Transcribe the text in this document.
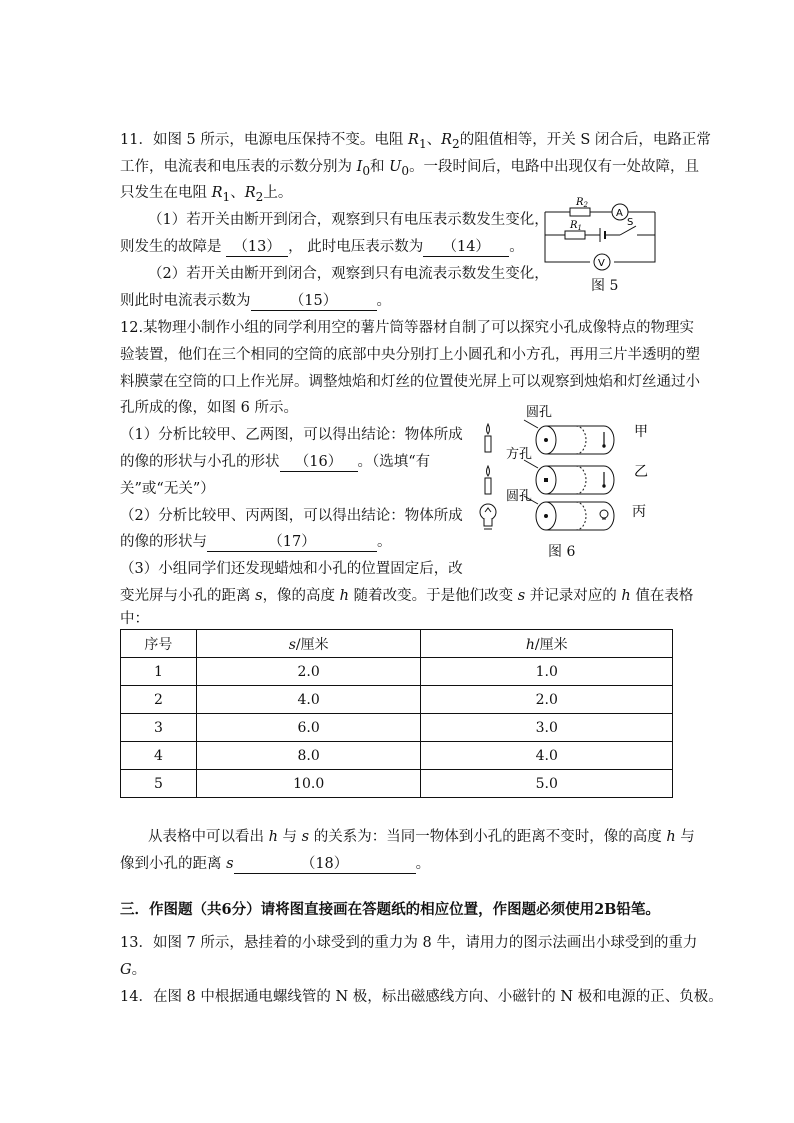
11．如图 5 所示，电源电压保持不变。电阻 $R_1$、$R_2$的阻值相等，开关 S 闭合后，电路正常
工作，电流表和电压表的示数分别为 $I_0$和 $U_0$。一段时间后，电路中出现仅有一处故障，且
只发生在电阻 $R_1$、$R_2$上。
（1）若开关由断开到闭合，观察到只有电压表示数发生变化，
则发生的故障是 （13） ， 此时电压表示数为 （14） 。
（2）若开关由断开到闭合，观察到只有电流表示数发生变化，
则此时电流表示数为	（15）	。
$R_2$
$R_1$
A
V
S
图 5
12.某物理小制作小组的同学利用空的薯片筒等器材自制了可以探究小孔成像特点的物理实
验装置，他们在三个相同的空筒的底部中央分别打上小圆孔和小方孔，再用三片半透明的塑
料膜蒙在空筒的口上作光屏。调整烛焰和灯丝的位置使光屏上可以观察到烛焰和灯丝通过小
孔所成的像，如图 6 所示。
（1）分析比较甲、乙两图，可以得出结论：物体所成
的像的形状与小孔的形状 （16） 。（选填“有
关”或“无关”）
（2）分析比较甲、丙两图，可以得出结论：物体所成
的像的形状与	（17）	。
（3）小组同学们还发现蜡烛和小孔的位置固定后，改
变光屏与小孔的距离 s，像的高度 h 随着改变。于是他们改变 s 并记录对应的 h 值在表格
中：
圆孔
方孔
圆孔
甲
乙
丙
图 6
序号	s/厘米	h/厘米
1	2.0	1.0
2	4.0	2.0
3	6.0	3.0
4	8.0	4.0
5	10.0	5.0
从表格中可以看出 h 与 s 的关系为：当同一物体到小孔的距离不变时，像的高度 h 与
像到小孔的距离 s	（18）	。
三．作图题（共6分）请将图直接画在答题纸的相应位置，作图题必须使用2B铅笔。
13．如图 7 所示，悬挂着的小球受到的重力为 8 牛，请用力的图示法画出小球受到的重力
G。
14．在图 8 中根据通电螺线管的 N 极，标出磁感线方向、小磁针的 N 极和电源的正、负极。
